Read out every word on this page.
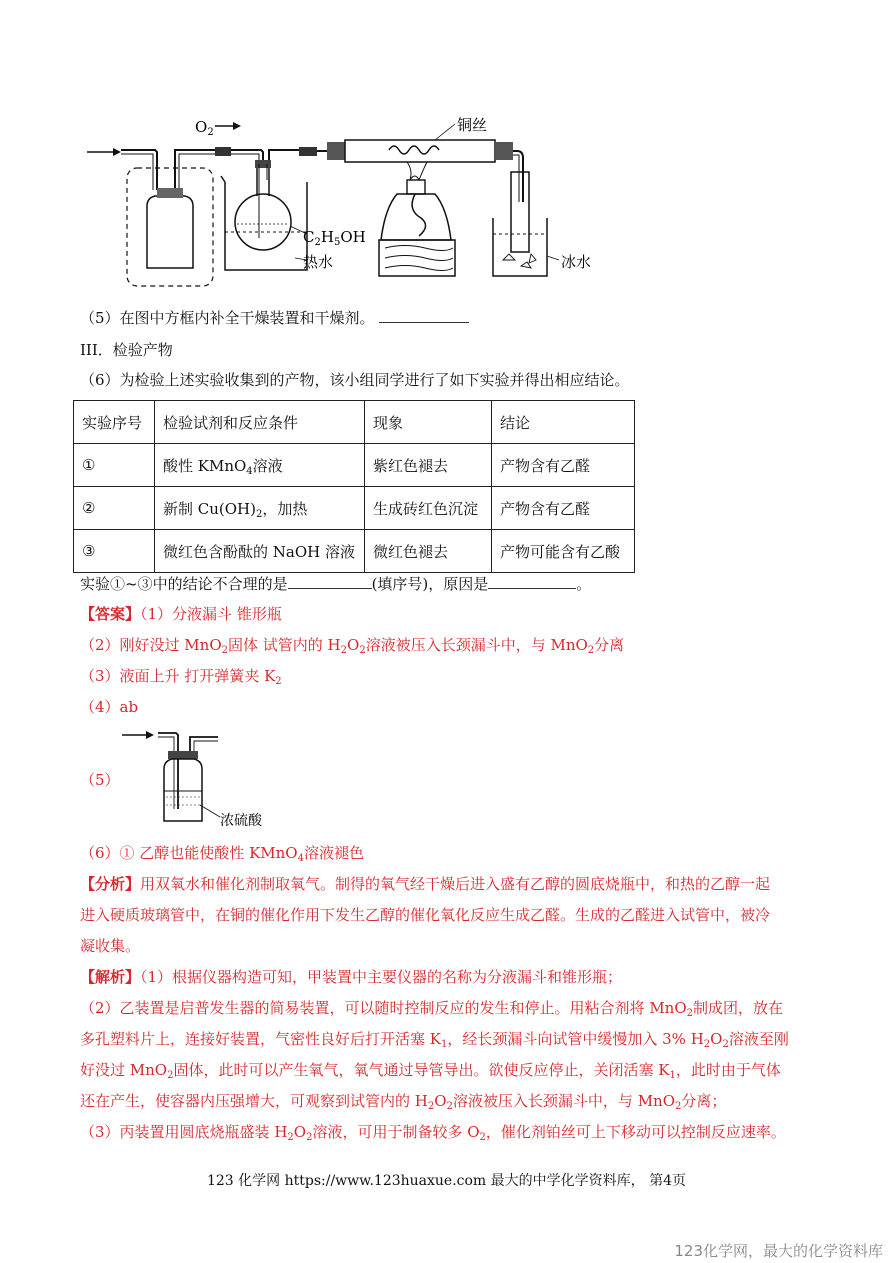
$O_2$
$C_2H_5OH$
热水
铜丝
冰水
（5）在图中方框内补全干燥装置和干燥剂。
III．检验产物
（6）为检验上述实验收集到的产物，该小组同学进行了如下实验并得出相应结论。
实验序号	检验试剂和反应条件	现象	结论
①	酸性 KMnO$_4$溶液	紫红色褪去	产物含有乙醛
②	新制 $Cu(OH)_2$，加热	生成砖红色沉淀	产物含有乙醛
③	微红色含酚酞的 NaOH 溶液	微红色褪去	产物可能含有乙酸
实验①~③中的结论不合理的是	(填序号)，原因是	。
【答案】（1）分液漏斗 锥形瓶
（2）刚好没过 MnO$_2$固体 试管内的 $H_2O_2$溶液被压入长颈漏斗中，与 MnO$_2$分离
（3）液面上升 打开弹簧夹 $K_2$
（4）ab
（5）
浓硫酸
（6）① 乙醇也能使酸性 KMnO$_4$溶液褪色
【分析】用双氧水和催化剂制取氧气。制得的氧气经干燥后进入盛有乙醇的圆底烧瓶中，和热的乙醇一起
进入硬质玻璃管中，在铜的催化作用下发生乙醇的催化氧化反应生成乙醛。生成的乙醛进入试管中，被冷
凝收集。
【解析】（1）根据仪器构造可知，甲装置中主要仪器的名称为分液漏斗和锥形瓶；
（2）乙装置是启普发生器的简易装置，可以随时控制反应的发生和停止。用粘合剂将 MnO$_2$制成团，放在
多孔塑料片上，连接好装置，气密性良好后打开活塞 $K_1$，经长颈漏斗向试管中缓慢加入 3% $H_2O_2$溶液至刚
好没过 MnO$_2$固体，此时可以产生氧气，氧气通过导管导出。欲使反应停止，关闭活塞 $K_1$，此时由于气体
还在产生，使容器内压强增大，可观察到试管内的 $H_2O_2$溶液被压入长颈漏斗中，与 MnO$_2$分离；
（3）丙装置用圆底烧瓶盛装 $H_2O_2$溶液，可用于制备较多 $O_2$，催化剂铂丝可上下移动可以控制反应速率。
123 化学网 https://www.123huaxue.com 最大的中学化学资料库， 第4页
123化学网，最大的化学资料库
